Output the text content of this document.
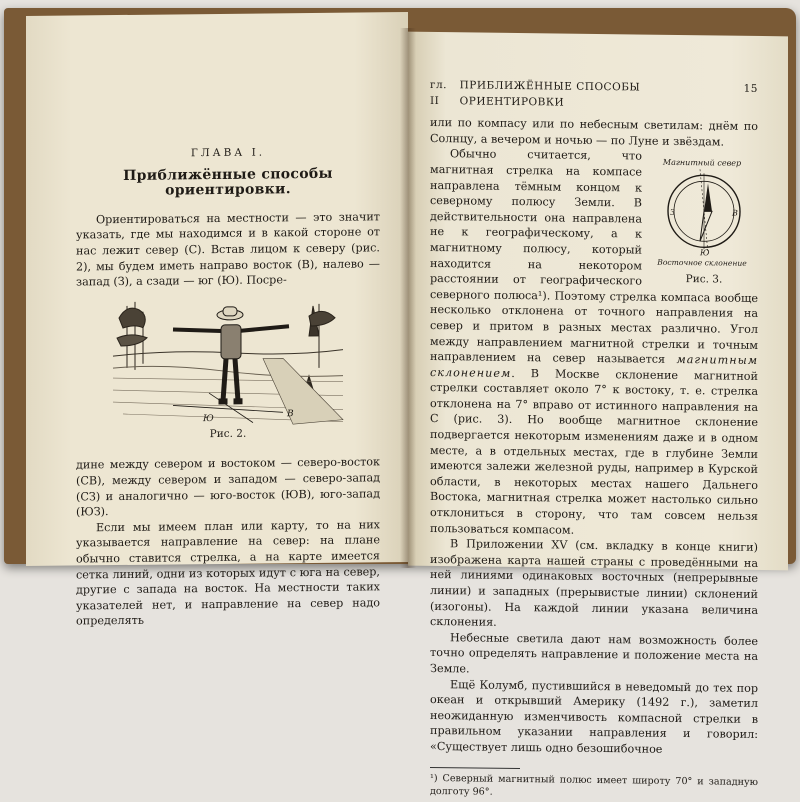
ГЛАВА I.
Приближённые способы ориентировки.

Ориентироваться на местности — это значит указать, где мы находимся и в какой стороне от нас лежит север (С). Встав лицом к северу (рис. 2), мы будем иметь направо восток (В), налево — запад (З), а сзади — юг (Ю). Посре-

Ю	В
Рис. 2.

дине между севером и востоком — северо-восток (СВ), между севером и западом — северо-запад (СЗ) и аналогично — юго-восток (ЮВ), юго-запад (ЮЗ).

Если мы имеем план или карту, то на них указывается направление на север: на плане обычно ставится стрелка, а на карте имеется сетка линий, одни из которых идут с юга на север, другие с запада на восток. На местности таких указателей нет, и направление на север надо определять

гл. II
ПРИБЛИЖЁННЫЕ СПОСОБЫ ОРИЕНТИРОВКИ
15

или по компасу или по небесным светилам: днём по Солнцу, а вечером и ночью — по Луне и звёздам.

Магнитный север
З	В
Ю
Восточное склонение
Рис. 3.

Обычно считается, что магнитная стрелка на компасе направлена тёмным концом к северному полюсу Земли. В действительности она направлена не к географическому, а к магнитному полюсу, который находится на некотором расстоянии от географического северного полюса¹). Поэтому стрелка компаса вообще несколько отклонена от точного направления на север и притом в разных местах различно. Угол между направлением магнитной стрелки и точным направлением на север называется магнитным склонением. В Москве склонение магнитной стрелки составляет около 7° к востоку, т. е. стрелка отклонена на 7° вправо от истинного направления на С (рис. 3). Но вообще магнитное склонение подвергается некоторым изменениям даже и в одном месте, а в отдельных местах, где в глубине Земли имеются залежи железной руды, например в Курской области, в некоторых местах нашего Дальнего Востока, магнитная стрелка может настолько сильно отклониться в сторону, что там совсем нельзя пользоваться компасом.

В Приложении XV (см. вкладку в конце книги) изображена карта нашей страны с проведёнными на ней линиями одинаковых восточных (непрерывные линии) и западных (прерывистые линии) склонений (изогоны). На каждой линии указана величина склонения.

Небесные светила дают нам возможность более точно определять направление и положение места на Земле.

Ещё Колумб, пустившийся в неведомый до тех пор океан и открывший Америку (1492 г.), заметил неожиданную изменчивость компасной стрелки в правильном указании направления и говорил: «Существует лишь одно безошибочное

¹) Северный магнитный полюс имеет широту 70° и западную долготу 96°.
